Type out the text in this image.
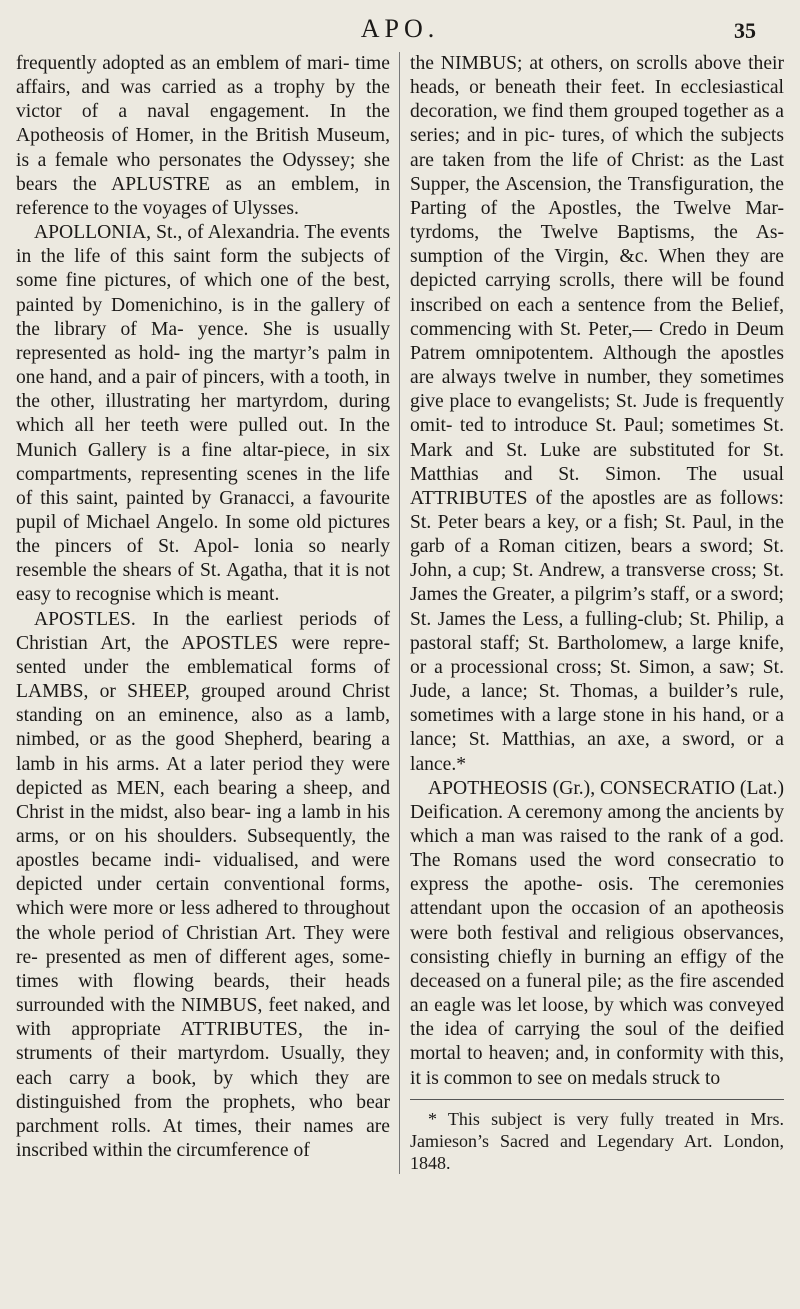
APO.	35

frequently adopted as an emblem of mari- time affairs, and was carried as a trophy by the victor of a naval engagement. In the Apotheosis of Homer, in the British Museum, is a female who personates the Odyssey; she bears the APLUSTRE as an emblem, in reference to the voyages of Ulysses.

APOLLONIA, St., of Alexandria. The events in the life of this saint form the subjects of some fine pictures, of which one of the best, painted by Domenichino, is in the gallery of the library of Ma- yence. She is usually represented as hold- ing the martyr’s palm in one hand, and a pair of pincers, with a tooth, in the other, illustrating her martyrdom, during which all her teeth were pulled out. In the Munich Gallery is a fine altar-piece, in six compartments, representing scenes in the life of this saint, painted by Granacci, a favourite pupil of Michael Angelo. In some old pictures the pincers of St. Apol- lonia so nearly resemble the shears of St. Agatha, that it is not easy to recognise which is meant.

APOSTLES. In the earliest periods of Christian Art, the APOSTLES were repre- sented under the emblematical forms of LAMBS, or SHEEP, grouped around Christ standing on an eminence, also as a lamb, nimbed, or as the good Shepherd, bearing a lamb in his arms. At a later period they were depicted as MEN, each bearing a sheep, and Christ in the midst, also bear- ing a lamb in his arms, or on his shoulders. Subsequently, the apostles became indi- vidualised, and were depicted under certain conventional forms, which were more or less adhered to throughout the whole period of Christian Art. They were re- presented as men of different ages, some- times with flowing beards, their heads surrounded with the NIMBUS, feet naked, and with appropriate ATTRIBUTES, the in- struments of their martyrdom. Usually, they each carry a book, by which they are distinguished from the prophets, who bear parchment rolls. At times, their names are inscribed within the circumference of

the NIMBUS; at others, on scrolls above their heads, or beneath their feet. In ecclesiastical decoration, we find them grouped together as a series; and in pic- tures, of which the subjects are taken from the life of Christ: as the Last Supper, the Ascension, the Transfiguration, the Parting of the Apostles, the Twelve Mar- tyrdoms, the Twelve Baptisms, the As- sumption of the Virgin, &c. When they are depicted carrying scrolls, there will be found inscribed on each a sentence from the Belief, commencing with St. Peter,— Credo in Deum Patrem omnipotentem. Although the apostles are always twelve in number, they sometimes give place to evangelists; St. Jude is frequently omit- ted to introduce St. Paul; sometimes St. Mark and St. Luke are substituted for St. Matthias and St. Simon. The usual ATTRIBUTES of the apostles are as follows: St. Peter bears a key, or a fish; St. Paul, in the garb of a Roman citizen, bears a sword; St. John, a cup; St. Andrew, a transverse cross; St. James the Greater, a pilgrim’s staff, or a sword; St. James the Less, a fulling-club; St. Philip, a pastoral staff; St. Bartholomew, a large knife, or a processional cross; St. Simon, a saw; St. Jude, a lance; St. Thomas, a builder’s rule, sometimes with a large stone in his hand, or a lance; St. Matthias, an axe, a sword, or a lance.*

APOTHEOSIS (Gr.), CONSECRATIO (Lat.) Deification. A ceremony among the ancients by which a man was raised to the rank of a god. The Romans used the word consecratio to express the apothe- osis. The ceremonies attendant upon the occasion of an apotheosis were both festival and religious observances, consisting chiefly in burning an effigy of the deceased on a funeral pile; as the fire ascended an eagle was let loose, by which was conveyed the idea of carrying the soul of the deified mortal to heaven; and, in conformity with this, it is common to see on medals struck to

* This subject is very fully treated in Mrs. Jamieson’s Sacred and Legendary Art. London, 1848.
